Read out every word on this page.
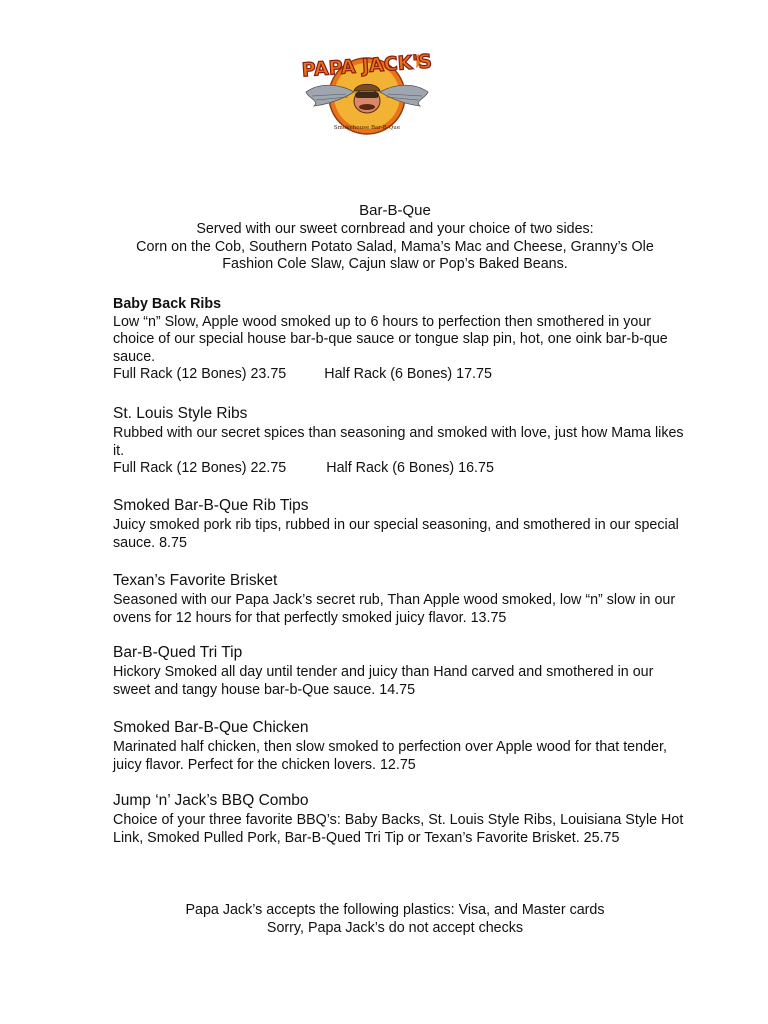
Smokehouse Bar-B-Que
PAPA JACK'S
Bar-B-Que
Served with our sweet cornbread and your choice of two sides:
Corn on the Cob, Southern Potato Salad, Mama’s Mac and Cheese, Granny’s Ole
Fashion Cole Slaw, Cajun slaw or Pop’s Baked Beans.
Baby Back Ribs
Low “n” Slow, Apple wood smoked up to 6 hours to perfection then smothered in your choice of our special house bar-b-que sauce or tongue slap pin, hot, one oink bar-b-que sauce.
Full Rack (12 Bones) 23.75	Half Rack (6 Bones) 17.75
St. Louis Style Ribs
Rubbed with our secret spices than seasoning and smoked with love, just how Mama likes it.
Full Rack (12 Bones) 22.75	Half Rack (6 Bones) 16.75
Smoked Bar-B-Que Rib Tips
Juicy smoked pork rib tips, rubbed in our special seasoning, and smothered in our special sauce. 8.75
Texan’s Favorite Brisket
Seasoned with our Papa Jack’s secret rub, Than Apple wood smoked, low “n” slow in our ovens for 12 hours for that perfectly smoked juicy flavor. 13.75
Bar-B-Qued Tri Tip
Hickory Smoked all day until tender and juicy than Hand carved and smothered in our sweet and tangy house bar-b-Que sauce. 14.75
Smoked Bar-B-Que Chicken
Marinated half chicken, then slow smoked to perfection over Apple wood for that tender, juicy flavor. Perfect for the chicken lovers. 12.75
Jump ‘n’ Jack’s BBQ Combo
Choice of your three favorite BBQ’s: Baby Backs, St. Louis Style Ribs, Louisiana Style Hot Link, Smoked Pulled Pork, Bar-B-Qued Tri Tip or Texan’s Favorite Brisket. 25.75
Papa Jack’s accepts the following plastics: Visa, and Master cards
Sorry, Papa Jack’s do not accept checks
